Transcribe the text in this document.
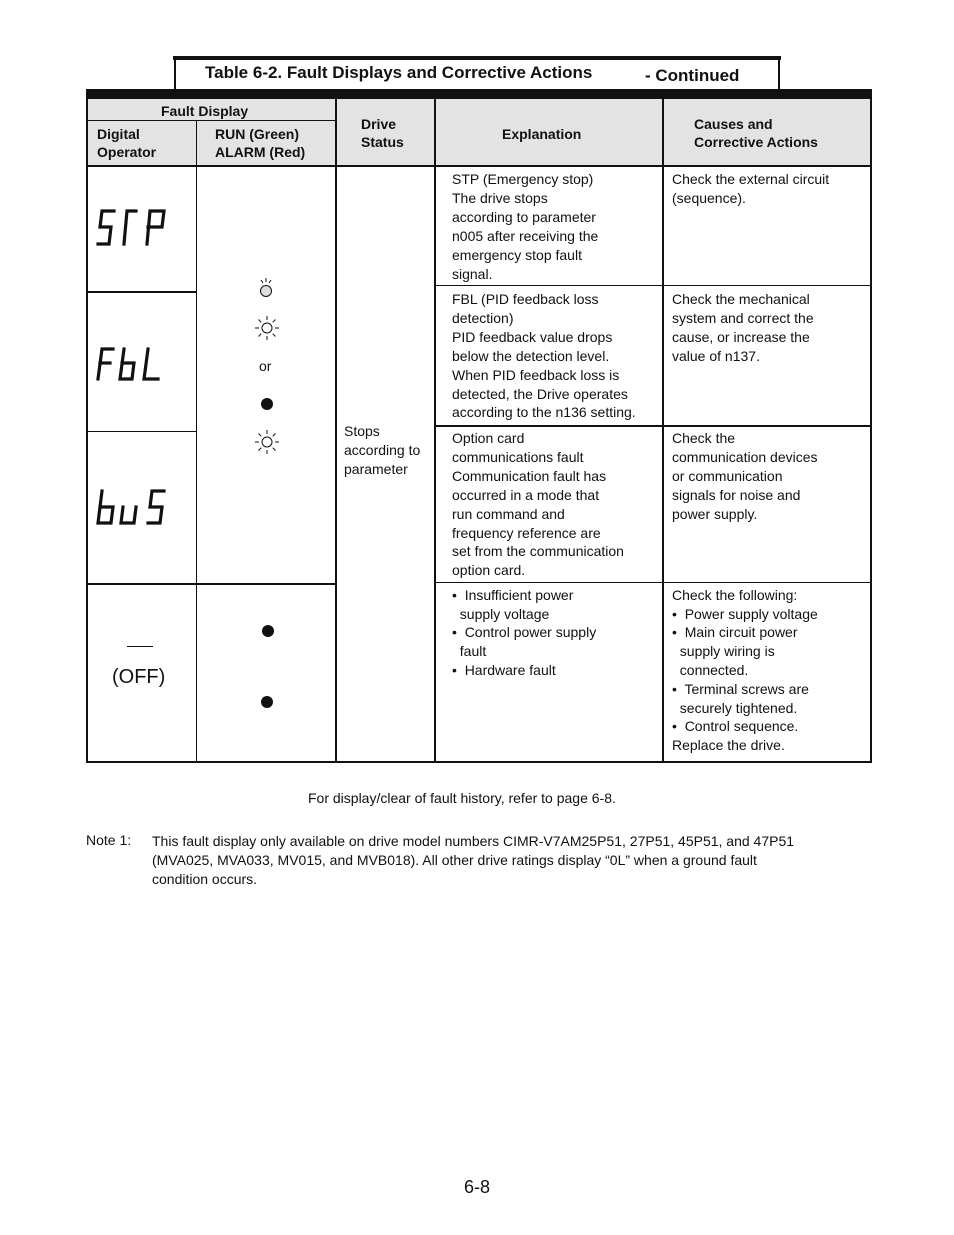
Table 6-2. Fault Displays and Corrective Actions	- Continued
Fault Display
Digital
Operator
RUN (Green)
ALARM (Red)
Drive
Status	Explanation
Causes and
Corrective Actions
(OFF)
or
Stops
according to
parameter
STP (Emergency stop)
The drive stops
according to parameter
n005 after receiving the
emergency stop fault
signal.
Check the external circuit
(sequence).
FBL (PID feedback loss
detection)
PID feedback value drops
below the detection level.
When PID feedback loss is
detected, the Drive operates
according to the n136 setting.
Check the mechanical
system and correct the
cause, or increase the
value of n137.
Option card
communications fault
Communication fault has
occurred in a mode that
run command and
frequency reference are
set from the communication
option card.
Check the
communication devices
or communication
signals for noise and
power supply.
•  Insufficient power
supply voltage
•  Control power supply
fault
•  Hardware fault
Check the following:
•  Power supply voltage
•  Main circuit power
supply wiring is
connected.
•  Terminal screws are
securely tightened.
•  Control sequence.
Replace the drive.
For display/clear of fault history, refer to page 6-8.
Note 1: This fault display only available on drive model numbers CIMR-V7AM25P51, 27P51, 45P51, and 47P51
(MVA025, MVA033, MV015, and MVB018). All other drive ratings display “0L” when a ground fault
condition occurs.
6-8
